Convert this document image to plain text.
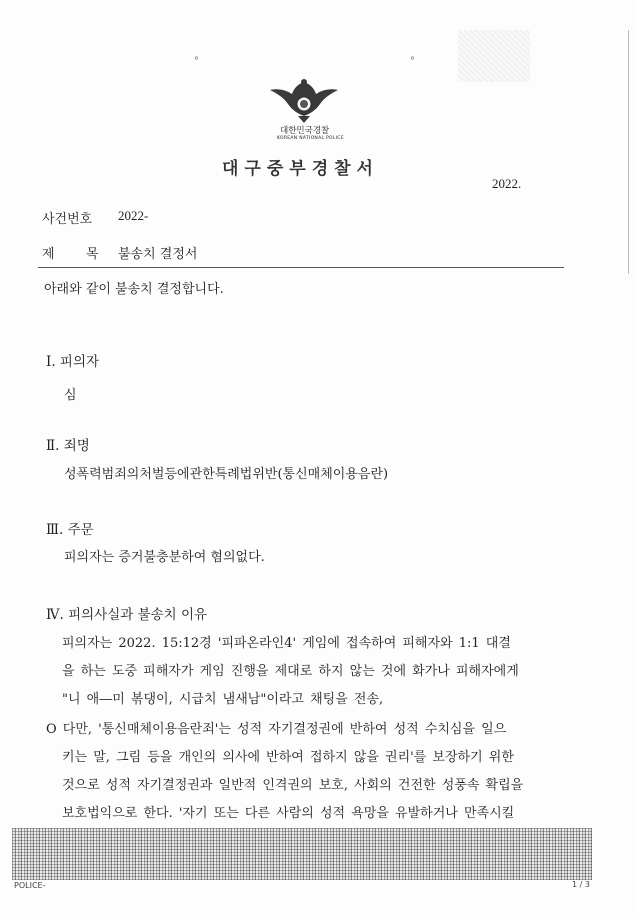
°	°
대한민국경찰
KOREAN NATIONAL POLICE
대구중부경찰서
2022.
사건번호 2022-
제 목 불송치 결정서
아래와 같이 불송치 결정합니다.
Ⅰ. 피의자
심
Ⅱ. 죄명
성폭력범죄의처벌등에관한특례법위반(통신매체이용음란)
Ⅲ. 주문
피의자는 증거불충분하여 혐의없다.
Ⅳ. 피의사실과 불송치 이유
피의자는 2022. 15:12경 '피파온라인4' 게임에 접속하여 피해자와 1:1 대결
을 하는 도중 피해자가 게임 진행을 제대로 하지 않는 것에 화가나 피해자에게
"니 애―미 볶댕이, 시급치 냄새남"이라고 채팅을 전송,
O 다만, '통신매체이용음란죄'는 성적 자기결정권에 반하여 성적 수치심을 일으
키는 말, 그림 등을 개인의 의사에 반하여 접하지 않을 권리'를 보장하기 위한
것으로 성적 자기결정권과 일반적 인격권의 보호, 사회의 건전한 성풍속 확립을
보호법익으로 한다. '자기 또는 다른 사람의 성적 욕망을 유발하거나 만족시킬
POLICE-	1 / 3
